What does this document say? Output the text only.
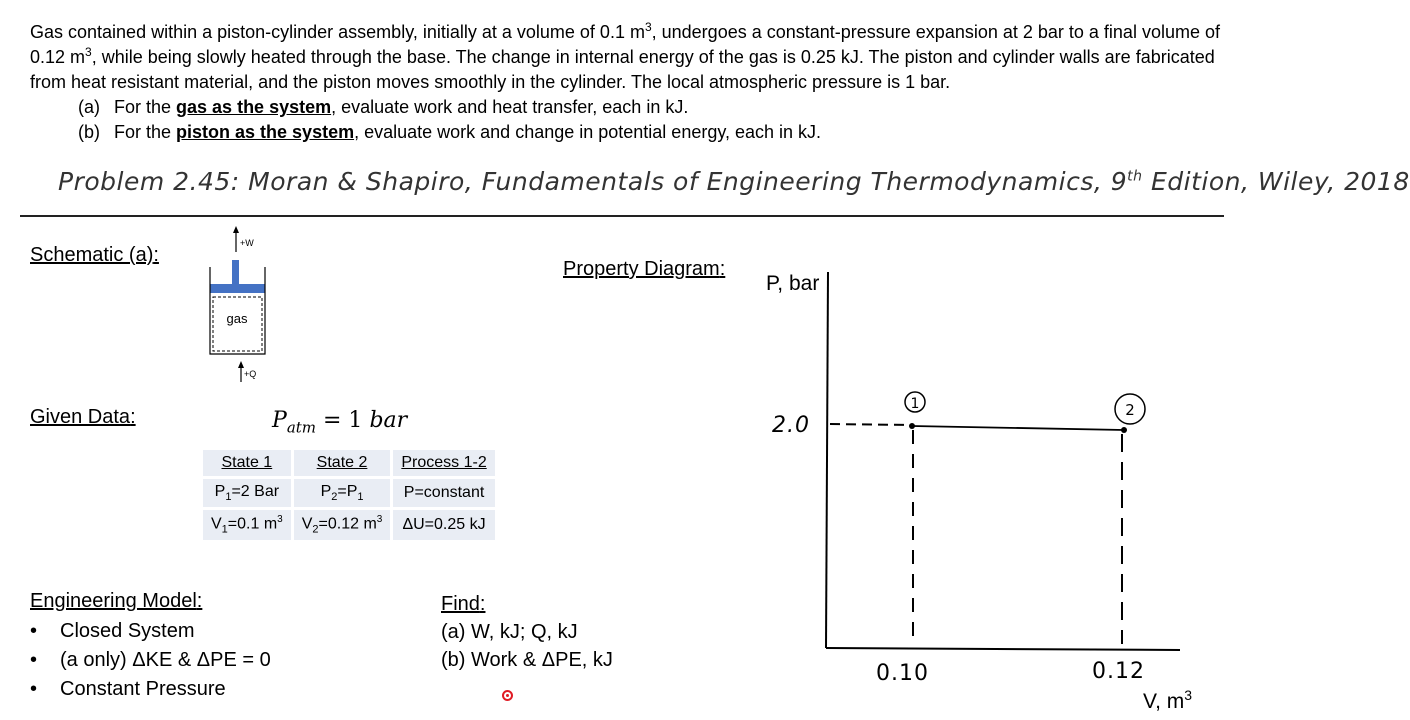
Gas contained within a piston-cylinder assembly, initially at a volume of 0.1 $m^3$, undergoes a constant-pressure expansion at 2 bar to a final volume of 0.12 $m^3$, while being slowly heated through the base. The change in internal energy of the gas is 0.25 kJ. The piston and cylinder walls are fabricated from heat resistant material, and the piston moves smoothly in the cylinder. The local atmospheric pressure is 1 bar.

(a) For the gas as the system, evaluate work and heat transfer, each in kJ.
(b) For the piston as the system, evaluate work and change in potential energy, each in kJ.
Problem 2.45: Moran & Shapiro, Fundamentals of Engineering Thermodynamics, 9th Edition, Wiley, 2018
Schematic (a):
+W
gas
+Q
Given Data:	$P_{atm} = 1$ bar
State 1	State 2	Process 1-2
$P_1=2$ Bar	$P_2=P_1$	P=constant
$V_1=0.1$ $m^3$	$V_2=0.12$ $m^3$	ΔU=0.25 kJ
Engineering Model:
• Closed System
• (a only) ΔKE & ΔPE = 0
• Constant Pressure
Find:
(a) W, kJ; Q, kJ
(b) Work & ΔPE, kJ
Property Diagram:
P, bar
2.0
1	2
0.10	0.12
V, $m^3$
